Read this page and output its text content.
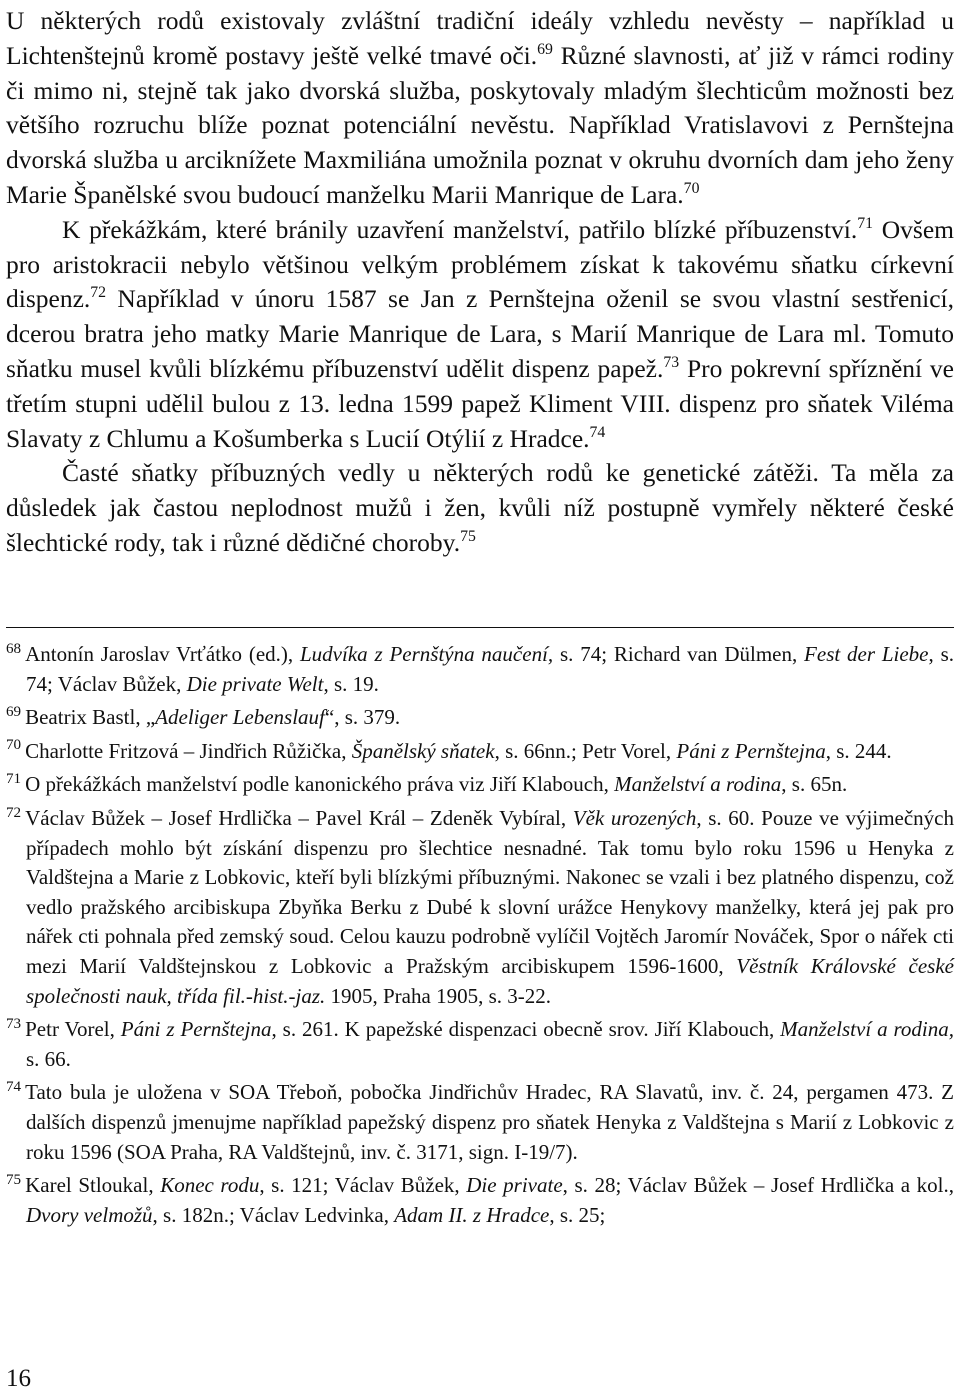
U některých rodů existovaly zvláštní tradiční ideály vzhledu nevěsty – například u Lichtenštejnů kromě postavy ještě velké tmavé oči.$^{69}$ Různé slavnosti, ať již v rámci rodiny či mimo ni, stejně tak jako dvorská služba, poskytovaly mladým šlechticům možnosti bez většího rozruchu blíže poznat potenciální nevěstu. Například Vratislavovi z Pernštejna dvorská služba u arciknížete Maxmiliána umožnila poznat v okruhu dvorních dam jeho ženy Marie Španělské svou budoucí manželku Marii Manrique de Lara.$^{70}$

K překážkám, které bránily uzavření manželství, patřilo blízké příbuzenství.$^{71}$ Ovšem pro aristokracii nebylo většinou velkým problémem získat k takovému sňatku církevní dispenz.$^{72}$ Například v únoru 1587 se Jan z Pernštejna oženil se svou vlastní sestřenicí, dcerou bratra jeho matky Marie Manrique de Lara, s Marií Manrique de Lara ml. Tomuto sňatku musel kvůli blízkému příbuzenství udělit dispenz papež.$^{73}$ Pro pokrevní spříznění ve třetím stupni udělil bulou z 13. ledna 1599 papež Kliment VIII. dispenz pro sňatek Viléma Slavaty z Chlumu a Košumberka s Lucií Otýlií z Hradce.$^{74}$

Časté sňatky příbuzných vedly u některých rodů ke genetické zátěži. Ta měla za důsledek jak častou neplodnost mužů i žen, kvůli níž postupně vymřely některé české šlechtické rody, tak i různé dědičné choroby.$^{75}$

$^{68}$ Antonín Jaroslav Vrťátko (ed.), Ludvíka z Pernštýna naučení, s. 74; Richard van Dülmen, Fest der Liebe, s. 74; Václav Bůžek, Die private Welt, s. 19.
$^{69}$ Beatrix Bastl, „Adeliger Lebenslauf“, s. 379.
$^{70}$ Charlotte Fritzová – Jindřich Růžička, Španělský sňatek, s. 66nn.; Petr Vorel, Páni z Pernštejna, s. 244.
$^{71}$ O překážkách manželství podle kanonického práva viz Jiří Klabouch, Manželství a rodina, s. 65n.
$^{72}$ Václav Bůžek – Josef Hrdlička – Pavel Král – Zdeněk Vybíral, Věk urozených, s. 60. Pouze ve výjimečných případech mohlo být získání dispenzu pro šlechtice nesnadné. Tak tomu bylo roku 1596 u Henyka z Valdštejna a Marie z Lobkovic, kteří byli blízkými příbuznými. Nakonec se vzali i bez platného dispenzu, což vedlo pražského arcibiskupa Zbyňka Berku z Dubé k slovní urážce Henykovy manželky, která jej pak pro nářek cti pohnala před zemský soud. Celou kauzu podrobně vylíčil Vojtěch Jaromír Nováček, Spor o nářek cti mezi Marií Valdštejnskou z Lobkovic a Pražským arcibiskupem 1596-1600, Věstník Královské české společnosti nauk, třída fil.-hist.-jaz. 1905, Praha 1905, s. 3-22.
$^{73}$ Petr Vorel, Páni z Pernštejna, s. 261. K papežské dispenzaci obecně srov. Jiří Klabouch, Manželství a rodina, s. 66.
$^{74}$ Tato bula je uložena v SOA Třeboň, pobočka Jindřichův Hradec, RA Slavatů, inv. č. 24, pergamen 473. Z dalších dispenzů jmenujme například papežský dispenz pro sňatek Henyka z Valdštejna s Marií z Lobkovic z roku 1596 (SOA Praha, RA Valdštejnů, inv. č. 3171, sign. I-19/7).
$^{75}$ Karel Stloukal, Konec rodu, s. 121; Václav Bůžek, Die private, s. 28; Václav Bůžek – Josef Hrdlička a kol., Dvory velmožů, s. 182n.; Václav Ledvinka, Adam II. z Hradce, s. 25;
16
